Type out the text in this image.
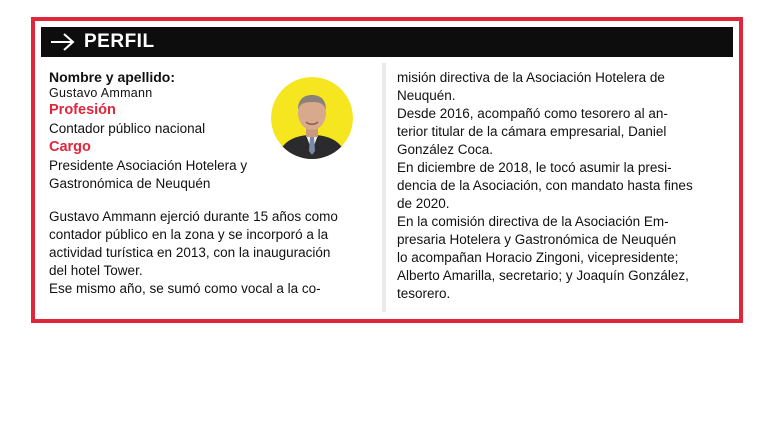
PERFIL
Nombre y apellido:
Gustavo Ammann
Profesión
Contador público nacional
Cargo
Presidente Asociación Hotelera y
Gastronómica de Neuquén
Gustavo Ammann ejerció durante 15 años como
contador público en la zona y se incorporó a la
actividad turística en 2013, con la inauguración
del hotel Tower.
Ese mismo año, se sumó como vocal a la co-
misión directiva de la Asociación Hotelera de
Neuquén.
Desde 2016, acompañó como tesorero al an-
terior titular de la cámara empresarial, Daniel
González Coca.
En diciembre de 2018, le tocó asumir la presi-
dencia de la Asociación, con mandato hasta fines
de 2020.
En la comisión directiva de la Asociación Em-
presaria Hotelera y Gastronómica de Neuquén
lo acompañan Horacio Zingoni, vicepresidente;
Alberto Amarilla, secretario; y Joaquín González,
tesorero.
